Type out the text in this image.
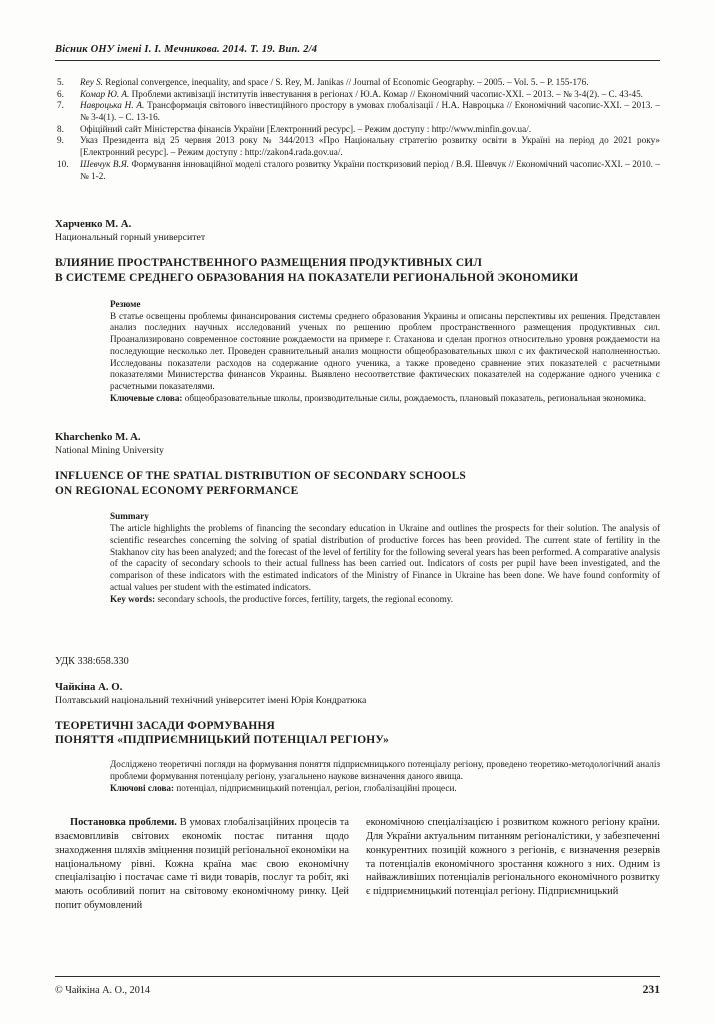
Вісник ОНУ імені І. І. Мечникова. 2014. Т. 19. Вип. 2/4
5. Rey S. Regional convergence, inequality, and space / S. Rey, M. Janikas // Journal of Economic Geography. – 2005. – Vol. 5. – P. 155-176.
6. Комар Ю. А. Проблеми активізації інститутів інвестування в регіонах / Ю.А. Комар // Економічний часопис-XXI. – 2013. – № 3-4(2). – С. 43-45.
7. Навроцька Н. А. Трансформація світового інвестиційного простору в умовах глобалізації / Н.А. Навроцька // Економічний часопис-XXI. – 2013. – № 3-4(1). – С. 13-16.
8. Офіційний сайт Міністерства фінансів України [Електронний ресурс]. – Режим доступу : http://www.minfin.gov.ua/.
9. Указ Президента від 25 червня 2013 року № 344/2013 «Про Національну стратегію розвитку освіти в Україні на період до 2021 року» [Електронний ресурс]. – Режим доступу : http://zakon4.rada.gov.ua/.
10. Шевчук В.Я. Формування інноваційної моделі сталого розвитку України посткризовий період / В.Я. Шевчук // Економічний часопис-XXI. – 2010. – № 1-2.
Харченко М. А.
Национальный горный университет
ВЛИЯНИЕ ПРОСТРАНСТВЕННОГО РАЗМЕЩЕНИЯ ПРОДУКТИВНЫХ СИЛ
В СИСТЕМЕ СРЕДНЕГО ОБРАЗОВАНИЯ НА ПОКАЗАТЕЛИ РЕГИОНАЛЬНОЙ ЭКОНОМИКИ
Резюме
В статье освещены проблемы финансирования системы среднего образования Украины и описаны перспективы их решения. Представлен анализ последних научных исследований ученых по решению проблем пространственного размещения продуктивных сил. Проанализировано современное состояние рождаемости на примере г. Стаханова и сделан прогноз относительно уровня рождаемости на последующие несколько лет. Проведен сравнительный анализ мощности общеобразовательных школ с их фактической наполненностью. Исследованы показатели расходов на содержание одного ученика, а также проведено сравнение этих показателей с расчетными показателями Министерства финансов Украины. Выявлено несоответствие фактических показателей на содержание одного ученика с расчетными показателями.
Ключевые слова: общеобразовательные школы, производительные силы, рождаемость, плановый показатель, региональная экономика.
Kharchenko M. A.
National Mining University
INFLUENCE OF THE SPATIAL DISTRIBUTION OF SECONDARY SCHOOLS
ON REGIONAL ECONOMY PERFORMANCE
Summary
The article highlights the problems of financing the secondary education in Ukraine and outlines the prospects for their solution. The analysis of scientific researches concerning the solving of spatial distribution of productive forces has been provided. The current state of fertility in the Stakhanov city has been analyzed; and the forecast of the level of fertility for the following several years has been performed. A comparative analysis of the capacity of secondary schools to their actual fullness has been carried out. Indicators of costs per pupil have been investigated, and the comparison of these indicators with the estimated indicators of the Ministry of Finance in Ukraine has been done. We have found conformity of actual values per student with the estimated indicators.
Key words: secondary schools, the productive forces, fertility, targets, the regional economy.
УДК 338:658.330
Чайкіна А. О.
Полтавський національний технічний університет імені Юрія Кондратюка
ТЕОРЕТИЧНІ ЗАСАДИ ФОРМУВАННЯ
ПОНЯТТЯ «ПІДПРИЄМНИЦЬКИЙ ПОТЕНЦІАЛ РЕГІОНУ»
Досліджено теоретичні погляди на формування поняття підприємницького потенціалу регіону, проведено теоретико-методологічний аналіз проблеми формування потенціалу регіону, узагальнено наукове визначення даного явища.
Ключові слова: потенціал, підприємницький потенціал, регіон, глобалізаційні процеси.

Постановка проблеми. В умовах глобалізаційних процесів та взаємовпливів світових економік постає питання щодо знаходження шляхів зміцнення позицій регіональної економіки на національному рівні. Кожна країна має свою економічну спеціалізацію і постачає саме ті види товарів, послуг та робіт, які мають особливий попит на світовому економічному ринку. Цей попит обумовлений

економічною спеціалізацією і розвитком кожного регіону країни. Для України актуальним питанням регіоналістики, у забезпеченні конкурентних позицій кожного з регіонів, є визначення резервів та потенціалів економічного зростання кожного з них. Одним із найважливіших потенціалів регіонального економічного розвитку є підприємницький потенціал регіону. Підприємницький

© Чайкіна А. О., 2014	231
